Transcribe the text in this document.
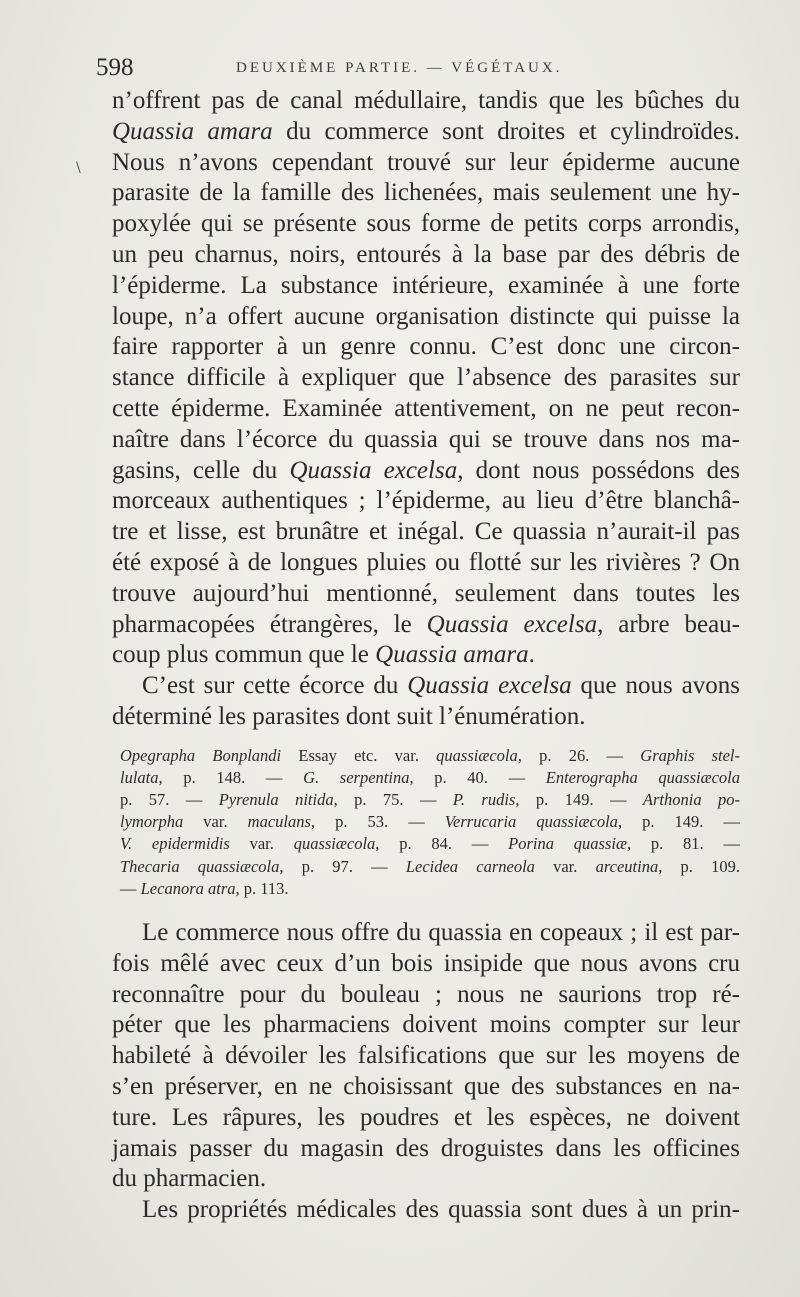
598	DEUXIÈME PARTIE. — VÉGÉTAUX.
\
n’offrent pas de canal médullaire, tandis que les bûches du
Quassia amara du commerce sont droites et cylindroïdes.
Nous n’avons cependant trouvé sur leur épiderme aucune
parasite de la famille des lichenées, mais seulement une hy-
poxylée qui se présente sous forme de petits corps arrondis,
un peu charnus, noirs, entourés à la base par des débris de
l’épiderme. La substance intérieure, examinée à une forte
loupe, n’a offert aucune organisation distincte qui puisse la
faire rapporter à un genre connu. C’est donc une circon-
stance difficile à expliquer que l’absence des parasites sur
cette épiderme. Examinée attentivement, on ne peut recon-
naître dans l’écorce du quassia qui se trouve dans nos ma-
gasins, celle du Quassia excelsa, dont nous possédons des
morceaux authentiques ; l’épiderme, au lieu d’être blanchâ-
tre et lisse, est brunâtre et inégal. Ce quassia n’aurait-il pas
été exposé à de longues pluies ou flotté sur les rivières ? On
trouve aujourd’hui mentionné, seulement dans toutes les
pharmacopées étrangères, le Quassia excelsa, arbre beau-
coup plus commun que le Quassia amara.
C’est sur cette écorce du Quassia excelsa que nous avons
déterminé les parasites dont suit l’énumération.
Opegrapha Bonplandi Essay etc. var. quassiæcola, p. 26. — Graphis stel-
lulata, p. 148. — G. serpentina, p. 40. — Enterographa quassiæcola
p. 57. — Pyrenula nitida, p. 75. — P. rudis, p. 149. — Arthonia po-
lymorpha var. maculans, p. 53. — Verrucaria quassiæcola, p. 149. —
V. epidermidis var. quassiæcola, p. 84. — Porina quassiæ, p. 81. —
Thecaria quassiæcola, p. 97. — Lecidea carneola var. arceutina, p. 109.
— Lecanora atra, p. 113.
Le commerce nous offre du quassia en copeaux ; il est par-
fois mêlé avec ceux d’un bois insipide que nous avons cru
reconnaître pour du bouleau ; nous ne saurions trop ré-
péter que les pharmaciens doivent moins compter sur leur
habileté à dévoiler les falsifications que sur les moyens de
s’en préserver, en ne choisissant que des substances en na-
ture. Les râpures, les poudres et les espèces, ne doivent
jamais passer du magasin des droguistes dans les officines
du pharmacien.
Les propriétés médicales des quassia sont dues à un prin-
